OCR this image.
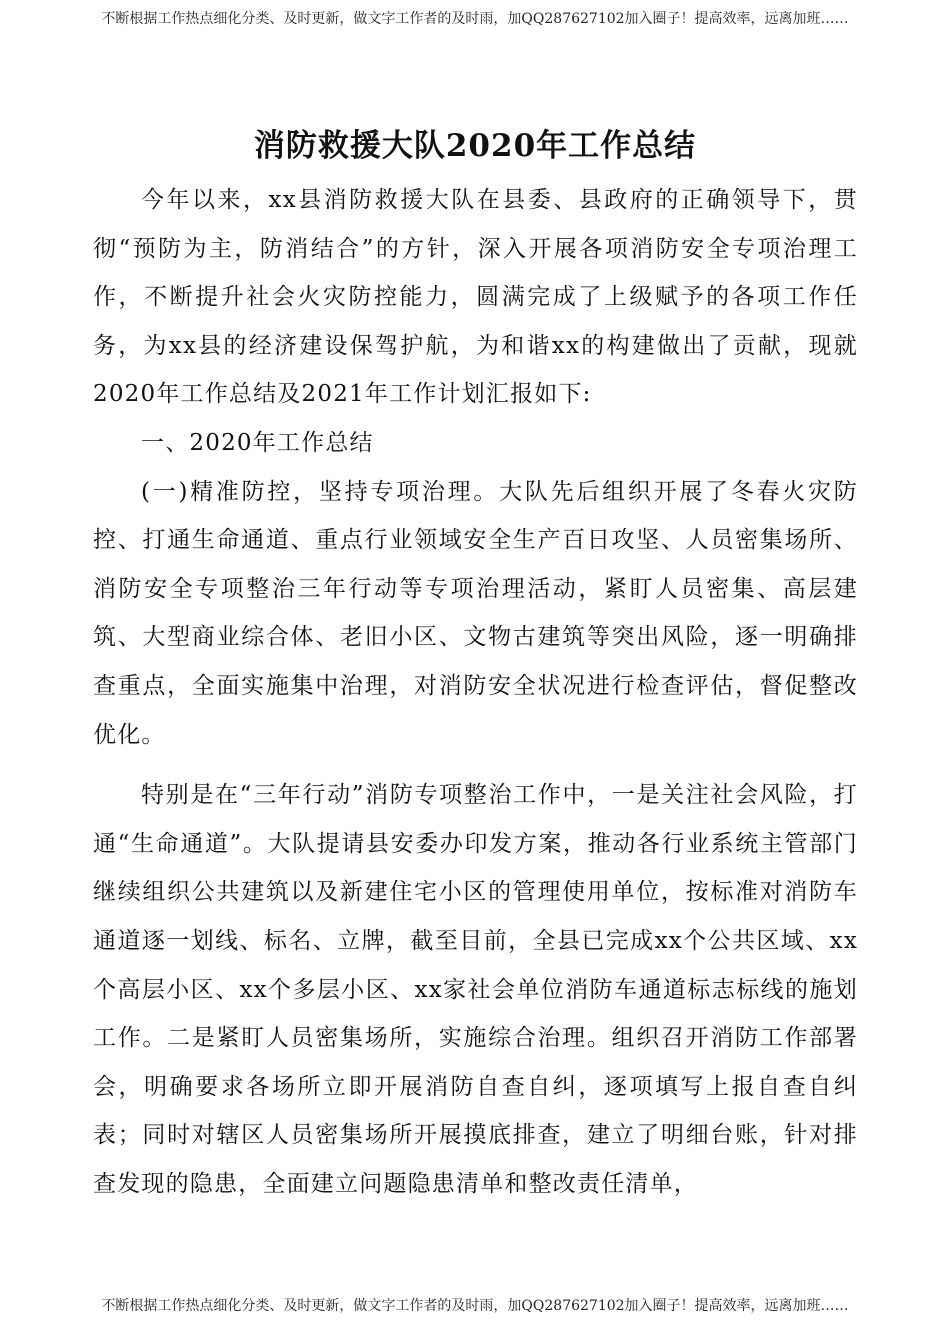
不断根据工作热点细化分类、及时更新，做文字工作者的及时雨，加QQ287627102加入圈子！提高效率，远离加班……
消防救援大队2020年工作总结

今年以来，xx县消防救援大队在县委、县政府的正确领导下，贯彻“预防为主，防消结合”的方针，深入开展各项消防安全专项治理工作，不断提升社会火灾防控能力，圆满完成了上级赋予的各项工作任务，为xx县的经济建设保驾护航，为和谐xx的构建做出了贡献，现就2020年工作总结及2021年工作计划汇报如下:

一、2020年工作总结

(一)精准防控，坚持专项治理。大队先后组织开展了冬春火灾防控、打通生命通道、重点行业领域安全生产百日攻坚、人员密集场所、消防安全专项整治三年行动等专项治理活动，紧盯人员密集、高层建筑、大型商业综合体、老旧小区、文物古建筑等突出风险，逐一明确排查重点，全面实施集中治理，对消防安全状况进行检查评估，督促整改优化。

特别是在“三年行动”消防专项整治工作中，一是关注社会风险，打通“生命通道”。大队提请县安委办印发方案，推动各行业系统主管部门继续组织公共建筑以及新建住宅小区的管理使用单位，按标准对消防车通道逐一划线、标名、立牌，截至目前，全县已完成xx个公共区域、xx个高层小区、xx个多层小区、xx家社会单位消防车通道标志标线的施划工作。二是紧盯人员密集场所，实施综合治理。组织召开消防工作部署会，明确要求各场所立即开展消防自查自纠，逐项填写上报自查自纠表；同时对辖区人员密集场所开展摸底排查，建立了明细台账，针对排查发现的隐患，全面建立问题隐患清单和整改责任清单，

不断根据工作热点细化分类、及时更新，做文字工作者的及时雨，加QQ287627102加入圈子！提高效率，远离加班……
